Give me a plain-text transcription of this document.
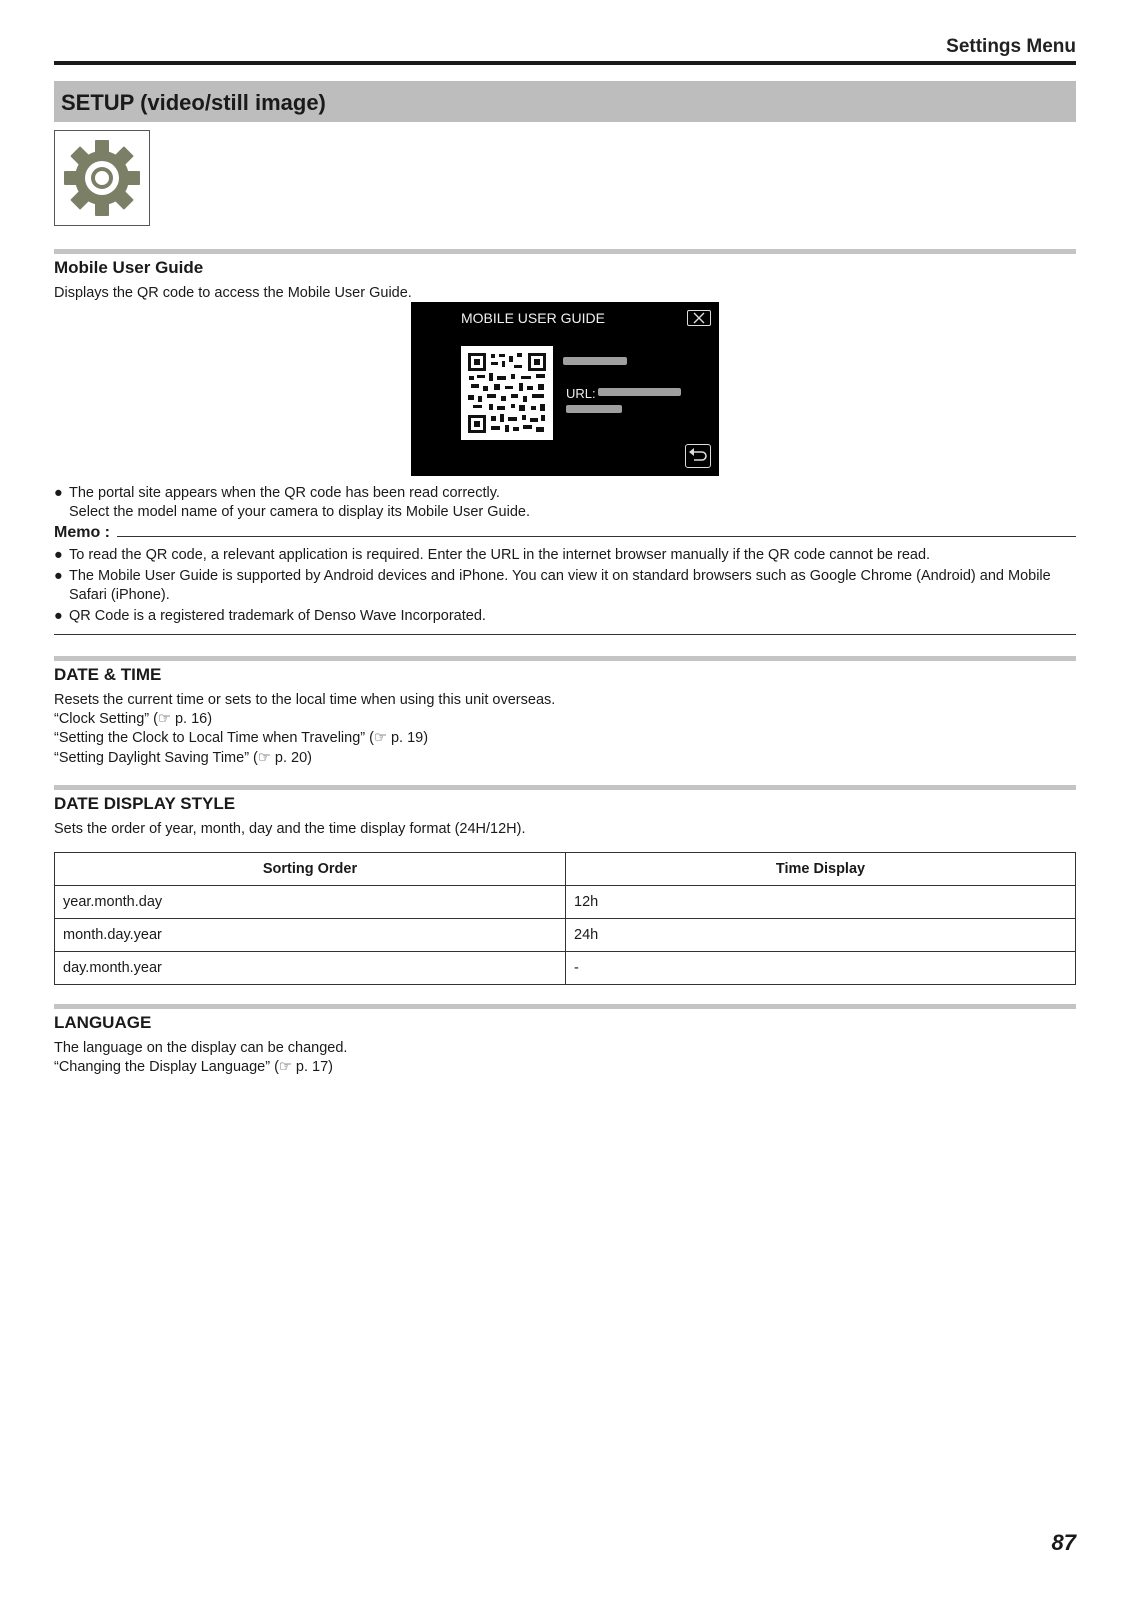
Settings Menu
SETUP (video/still image)
Mobile User Guide
Displays the QR code to access the Mobile User Guide.
MOBILE USER GUIDE
URL:
● The portal site appears when the QR code has been read correctly.
Select the model name of your camera to display its Mobile User Guide.
Memo :
● To read the QR code, a relevant application is required. Enter the URL in the internet browser manually if the QR code cannot be read.
● The Mobile User Guide is supported by Android devices and iPhone. You can view it on standard browsers such as Google Chrome (Android) and Mobile Safari (iPhone).
● QR Code is a registered trademark of Denso Wave Incorporated.
DATE & TIME
Resets the current time or sets to the local time when using this unit overseas.
“Clock Setting” (☞ p. 16)
“Setting the Clock to Local Time when Traveling” (☞ p. 19)
“Setting Daylight Saving Time” (☞ p. 20)
DATE DISPLAY STYLE
Sets the order of year, month, day and the time display format (24H/12H).
Sorting Order	Time Display
year.month.day	12h
month.day.year	24h
day.month.year	-
LANGUAGE
The language on the display can be changed.
“Changing the Display Language” (☞ p. 17)
87
